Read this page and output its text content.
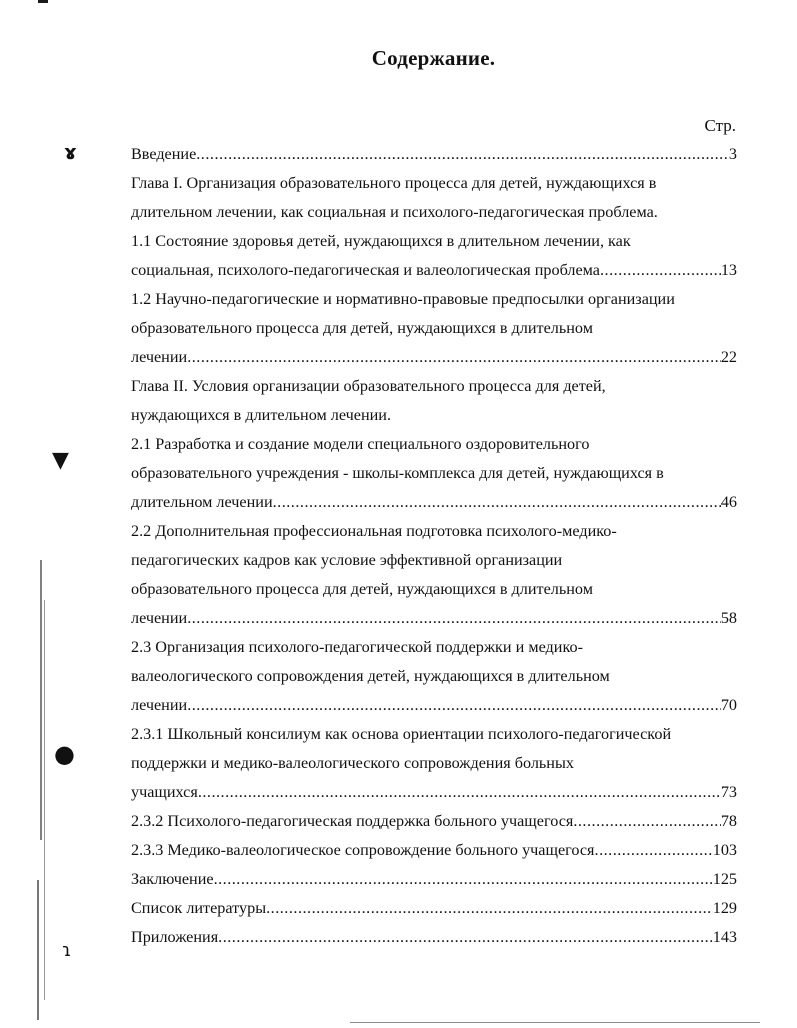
ɤ
▼
●
ɿ
Содержание.
Стр.
Введение .....	3
Глава I. Организация образовательного процесса для детей, нуждающихся в
длительном лечении, как социальная и психолого-педагогическая проблема.
1.1 Состояние здоровья детей, нуждающихся в длительном лечении, как
социальная, психолого-педагогическая и валеологическая проблема .....	13
1.2 Научно-педагогические и нормативно-правовые предпосылки организации
образовательного процесса для детей, нуждающихся в длительном
лечении .....	22
Глава II. Условия организации образовательного процесса для детей,
нуждающихся в длительном лечении.
2.1 Разработка и создание модели специального оздоровительного
образовательного учреждения - школы-комплекса для детей, нуждающихся в
длительном лечении .....	46
2.2 Дополнительная профессиональная подготовка психолого-медико-
педагогических кадров как условие эффективной организации
образовательного процесса для детей, нуждающихся в длительном
лечении .....	58
2.3 Организация психолого-педагогической поддержки и медико-
валеологического сопровождения детей, нуждающихся в длительном
лечении .....	70
2.3.1 Школьный консилиум как основа ориентации психолого-педагогической
поддержки и медико-валеологического сопровождения больных
учащихся .....	73
2.3.2 Психолого-педагогическая поддержка больного учащегося .....	78
2.3.3 Медико-валеологическое сопровождение больного учащегося .....	103
Заключение .....	125
Список литературы .....	129
Приложения .....	143
